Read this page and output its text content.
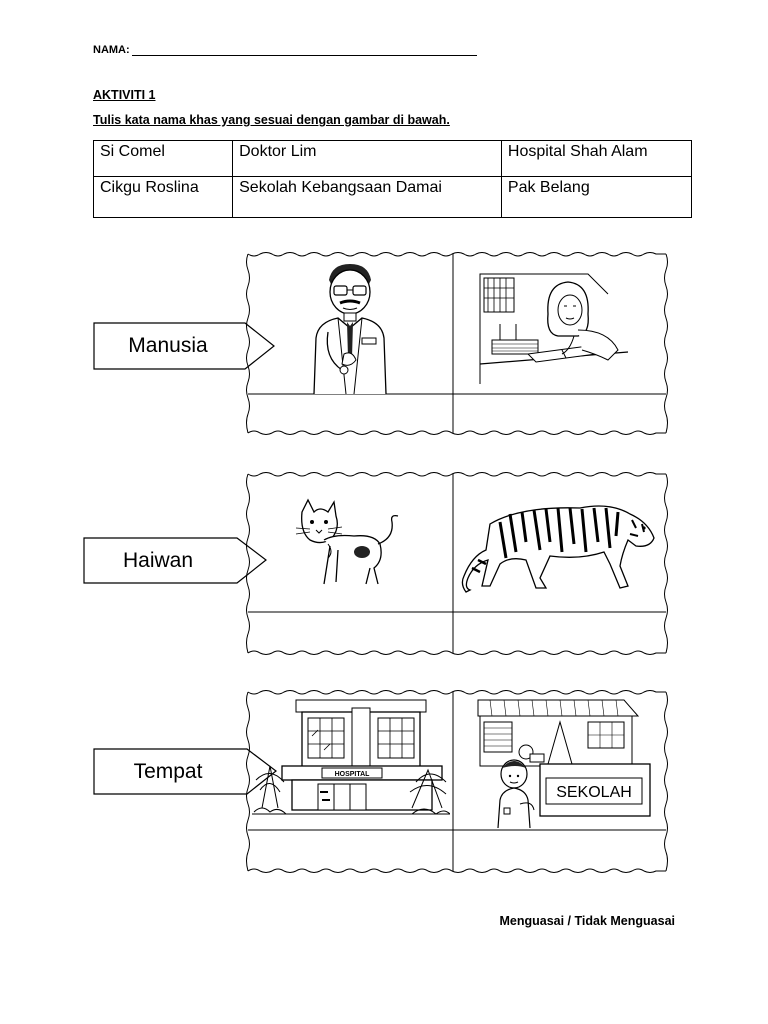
NAMA:
AKTIVITI 1
Tulis kata nama khas yang sesuai dengan gambar di bawah.
Si Comel	Doktor Lim	Hospital Shah Alam
Cikgu Roslina	Sekolah Kebangsaan Damai	Pak Belang
Manusia
Haiwan
Tempat	HOSPITAL
SEKOLAH
Menguasai / Tidak Menguasai
